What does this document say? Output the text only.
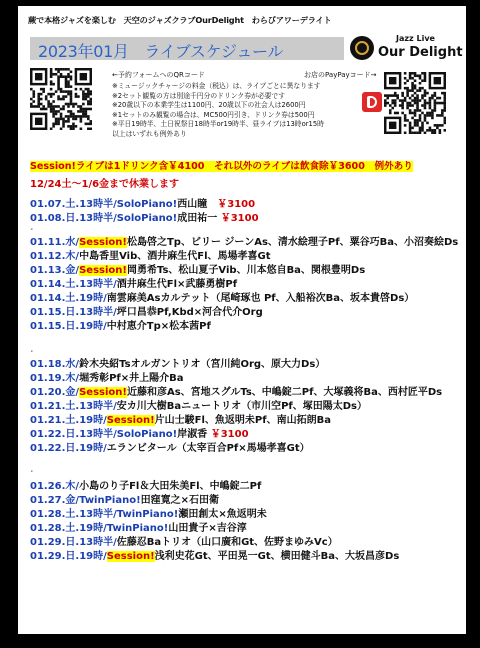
蕨で本格ジャズを楽しむ　天空のジャズクラブOurDelight　わらびアワーデライト
2023年01月　ライブスケジュール
Jazz Live
Our Delight
←予約フォームへのQRコード	お店のPayPayコード→
※ミュージックチャージの料金（税込）は、ライブごとに異なります
※2セット観覧の方は別途千円分のドリンク券が必要です
※20歳以下の本業学生は1100円、20歳以下の社会人は2600円
※1セットのみ観覧の場合は、MC500円引き、ドリンク券は500円
※平日19時半、土日祝祭日18時半or19時半、昼ライブは13時or15時
以上はいずれも例外あり
Session!ライブは1ドリンク含￥4100　それ以外のライブは飲食除￥3600　例外あり
12/24土～1/6金まで休業します
01.07.土.13時半/SoloPiano!西山瞳　￥3100
01.08.日.13時半/SoloPiano!成田祐一 ￥3100
01.11.水/Session!松島啓之Tp、ビリー ジーンAs、清水絵理子Pf、粟谷巧Ba、小沼奏絵Ds
01.12.木/中島香里Vib、酒井麻生代Fl、馬場孝喜Gt
01.13.金/Session!岡勇希Ts、松山夏子Vib、川本悠自Ba、関根豊明Ds
01.14.土.13時半/酒井麻生代Fl×武藤勇樹Pf
01.14.土.19時/南雲麻美Asカルテット（尾崎琢也 Pf、入船裕次Ba、坂本貴啓Ds）
01.15.日.13時半/坪口昌恭Pf,Kbd×河合代介Org
01.15.日.19時/中村恵介Tp×松本茜Pf
01.18.水/鈴木央紹Tsオルガントリオ（宮川純Org、原大力Ds）
01.19.木/堀秀彰Pf×井上陽介Ba
01.20.金/Session!近藤和彦As、宮地スグルTs、中嶋錠二Pf、大塚義将Ba、西村匠平Ds
01.21.土.13時半/安カ川大樹Baニュートリオ（市川空Pf、塚田陽太Ds）
01.21.土.19時/Session!片山士駿Fl、魚返明未Pf、南山拓朗Ba
01.22.日.13時半/SoloPiano!岸淑香 ￥3100
01.22.日.19時/エランビタール（太宰百合Pf×馬場孝喜Gt）
01.26.木/小島のり子Fl＆大田朱美Fl、中嶋錠二Pf
01.27.金/TwinPiano!田窪寛之×石田衛
01.28.土.13時半/TwinPiano!瀬田創太×魚返明未
01.28.土.19時/TwinPiano!山田貴子×吉谷淳
01.29.日.13時半/佐藤忍Baトリオ（山口廣和Gt、佐野まゆみVc）
01.29.日.19時/Session!浅利史花Gt、平田晃一Gt、横田健斗Ba、大坂昌彦Ds
.
.
.
